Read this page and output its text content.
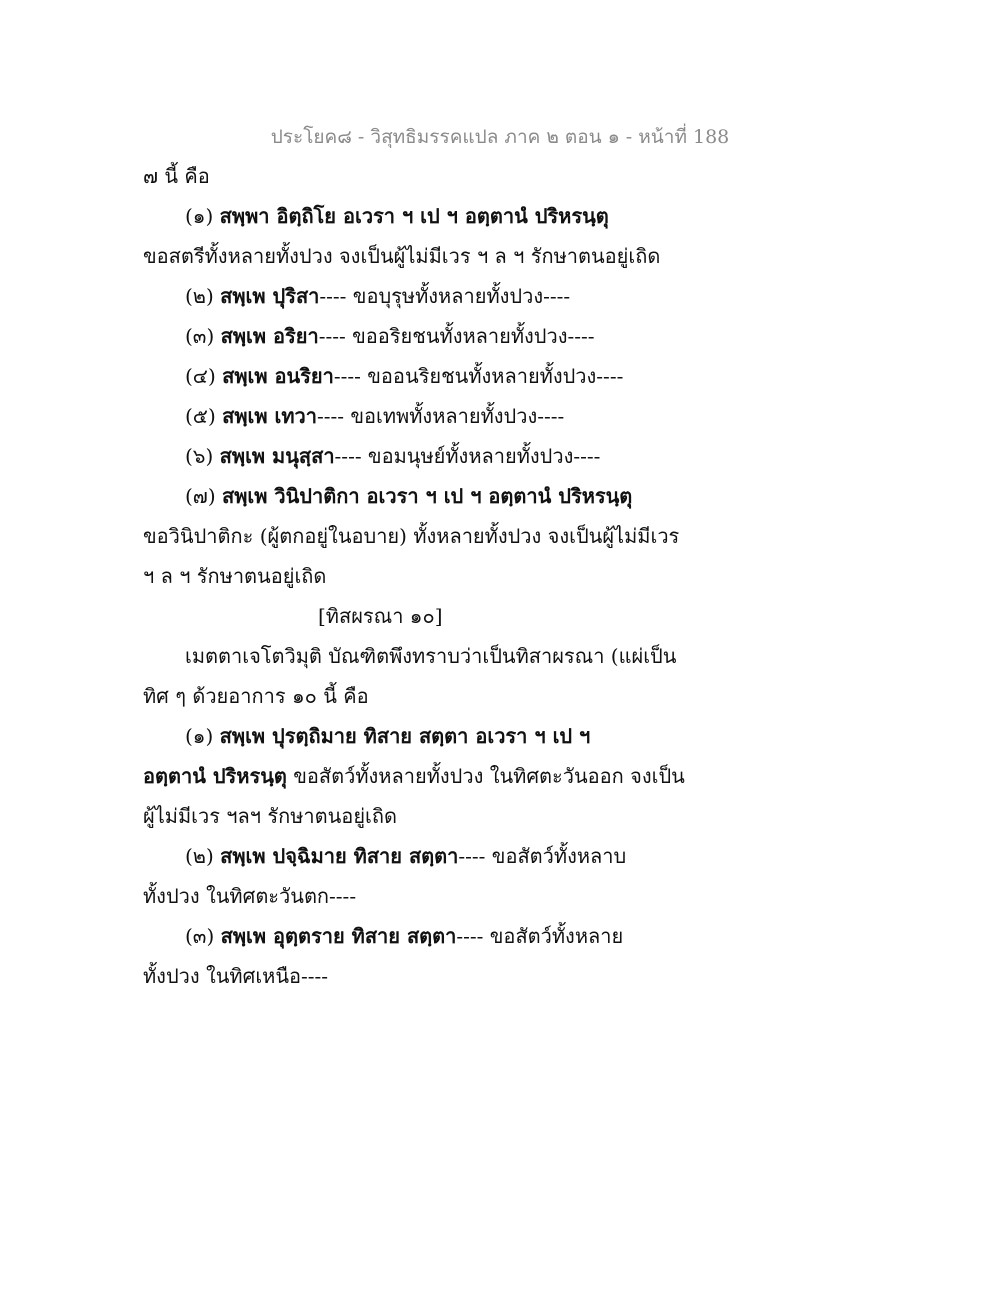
ประโยค๘ - วิสุทธิมรรคแปล ภาค ๒ ตอน ๑ - หน้าที่ 188
๗ นี้ คือ
(๑) สพฺพา อิตฺถิโย อเวรา ฯ เป ฯ อตฺตานํ ปริหรนฺตุ
ขอสตรีทั้งหลายทั้งปวง จงเป็นผู้ไม่มีเวร ฯ ล ฯ รักษาตนอยู่เถิด
(๒) สพฺเพ ปุริสา---- ขอบุรุษทั้งหลายทั้งปวง----
(๓) สพฺเพ อริยา---- ขออริยชนทั้งหลายทั้งปวง----
(๔) สพฺเพ อนริยา---- ขออนริยชนทั้งหลายทั้งปวง----
(๕) สพฺเพ เทวา---- ขอเทพทั้งหลายทั้งปวง----
(๖) สพฺเพ มนุสฺสา---- ขอมนุษย์ทั้งหลายทั้งปวง----
(๗) สพฺเพ วินิปาติกา อเวรา ฯ เป ฯ อตฺตานํ ปริหรนฺตุ
ขอวินิปาติกะ (ผู้ตกอยู่ในอบาย) ทั้งหลายทั้งปวง จงเป็นผู้ไม่มีเวร
ฯ ล ฯ รักษาตนอยู่เถิด
[ทิสผรณา ๑๐]
เมตตาเจโตวิมุติ บัณฑิตพึงทราบว่าเป็นทิสาผรณา (แผ่เป็น
ทิศ ๆ ด้วยอาการ ๑๐ นี้ คือ
(๑) สพฺเพ ปุรตฺถิมาย ทิสาย สตฺตา อเวรา ฯ เป ฯ
อตฺตานํ ปริหรนฺตุ ขอสัตว์ทั้งหลายทั้งปวง ในทิศตะวันออก จงเป็น
ผู้ไม่มีเวร ฯลฯ รักษาตนอยู่เถิด
(๒) สพฺเพ ปจฺฉิมาย ทิสาย สตฺตา---- ขอสัตว์ทั้งหลาบ
ทั้งปวง ในทิศตะวันตก----
(๓) สพฺเพ อุตฺตราย ทิสาย สตฺตา---- ขอสัตว์ทั้งหลาย
ทั้งปวง ในทิศเหนือ----
